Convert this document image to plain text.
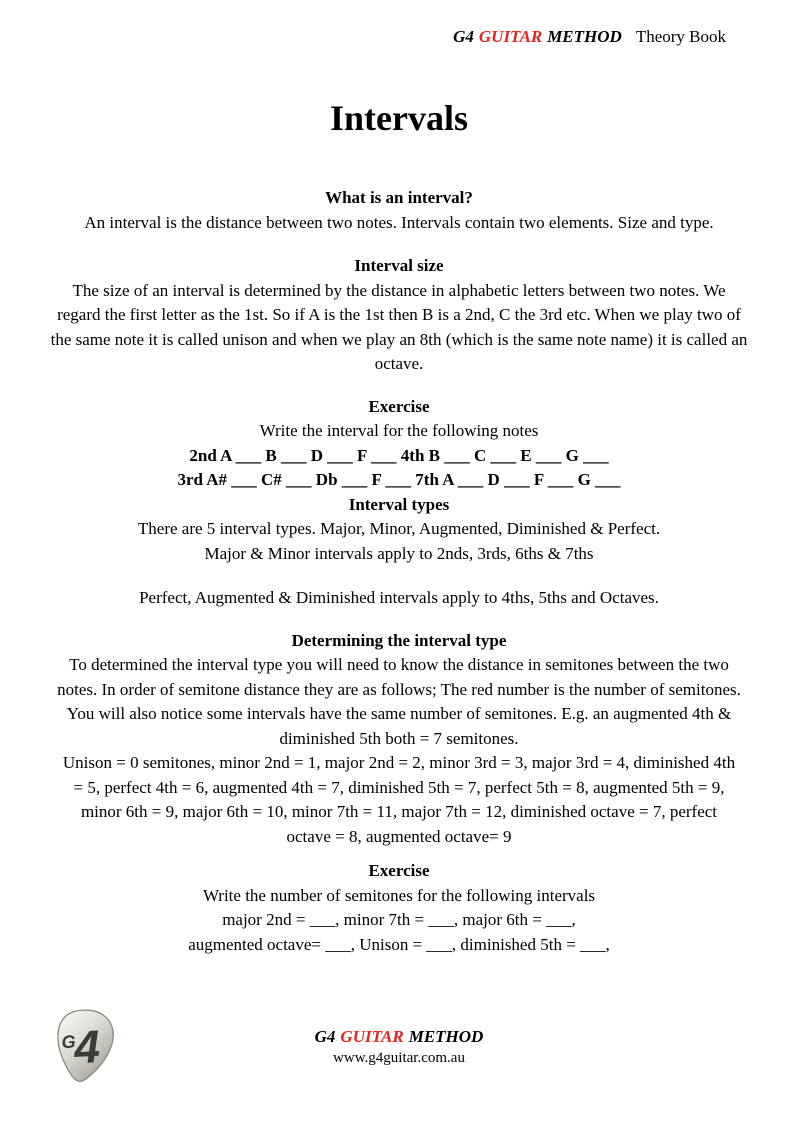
G4 GUITAR METHOD Theory Book
Intervals
What is an interval?
An interval is the distance between two notes. Intervals contain two elements. Size and type.
Interval size
The size of an interval is determined by the distance in alphabetic letters between two notes. We
regard the first letter as the 1st. So if A is the 1st then B is a 2nd, C the 3rd etc. When we play two of
the same note it is called unison and when we play an 8th (which is the same note name) it is called an
octave.
Exercise
Write the interval for the following notes
2nd A ___ B ___ D ___ F ___ 4th B ___ C ___ E ___ G ___
3rd A# ___ C# ___ Db ___ F ___ 7th A ___ D ___ F ___ G ___
Interval types
There are 5 interval types. Major, Minor, Augmented, Diminished & Perfect.
Major & Minor intervals apply to 2nds, 3rds, 6ths & 7ths
Perfect, Augmented & Diminished intervals apply to 4ths, 5ths and Octaves.
Determining the interval type
To determined the interval type you will need to know the distance in semitones between the two
notes. In order of semitone distance they are as follows; The red number is the number of semitones.
You will also notice some intervals have the same number of semitones. E.g. an augmented 4th &
diminished 5th both = 7 semitones.
Unison = 0 semitones, minor 2nd = 1, major 2nd = 2, minor 3rd = 3, major 3rd = 4, diminished 4th
= 5, perfect 4th = 6, augmented 4th = 7, diminished 5th = 7, perfect 5th = 8, augmented 5th = 9,
minor 6th = 9, major 6th = 10, minor 7th = 11, major 7th = 12, diminished octave = 7, perfect
octave = 8, augmented octave= 9
Exercise
Write the number of semitones for the following intervals
major 2nd = ___, minor 7th = ___, major 6th = ___,
augmented octave= ___, Unison = ___, diminished 5th = ___,
G
4	G4 GUITAR METHOD
www.g4guitar.com.au
